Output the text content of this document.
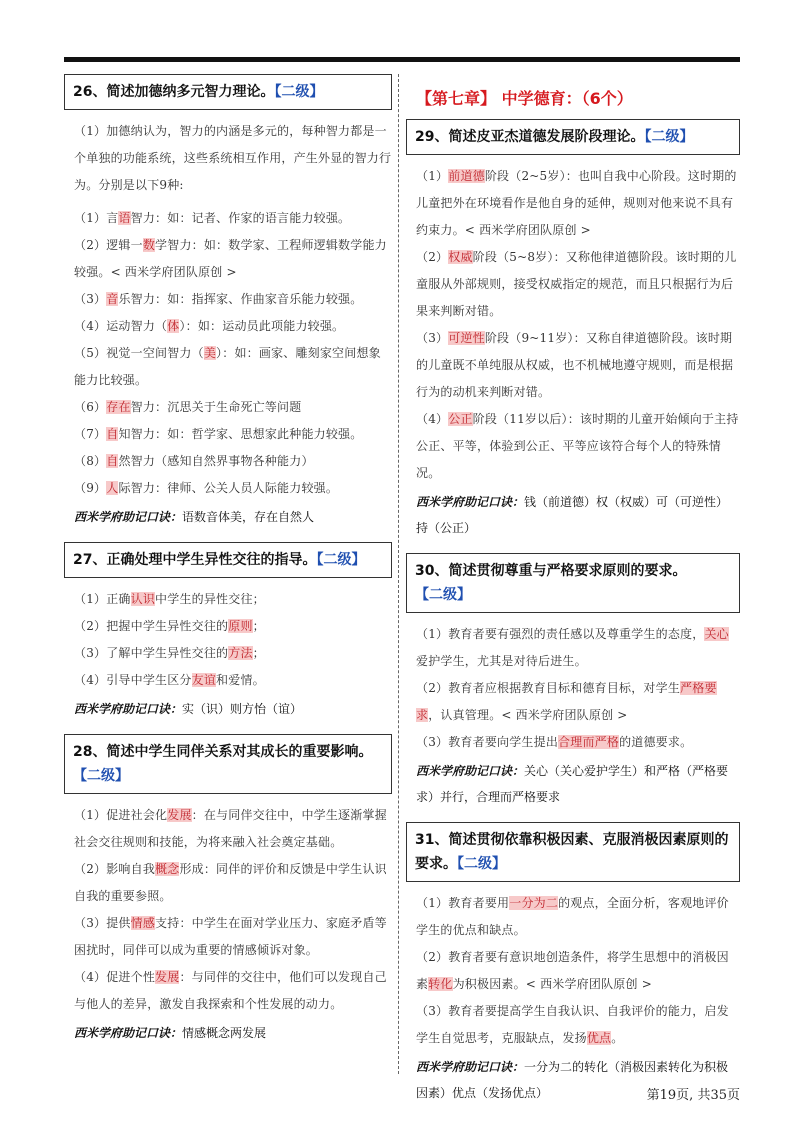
26、简述加德纳多元智力理论。【二级】

（1）加德纳认为，智力的内涵是多元的，每种智力都是一个单独的功能系统，这些系统相互作用，产生外显的智力行为。分别是以下9种:

（1）言语智力：如：记者、作家的语言能力较强。

（2）逻辑一数学智力：如：数学家、工程师逻辑数学能力较强。< 西米学府团队原创 >

（3）音乐智力：如：指挥家、作曲家音乐能力较强。

（4）运动智力（体）：如：运动员此项能力较强。

（5）视觉一空间智力（美）：如：画家、雕刻家空间想象能力比较强。

（6）存在智力：沉思关于生命死亡等问题

（7）自知智力：如：哲学家、思想家此种能力较强。

（8）自然智力（感知自然界事物各种能力）

（9）人际智力：律师、公关人员人际能力较强。

西米学府助记口诀：语数音体美，存在自然人
27、正确处理中学生异性交往的指导。【二级】

（1）正确认识中学生的异性交往；

（2）把握中学生异性交往的原则；

（3）了解中学生异性交往的方法；

（4）引导中学生区分友谊和爱情。

西米学府助记口诀：实（识）则方怡（谊）
28、简述中学生同伴关系对其成长的重要影响。【二级】

（1）促进社会化发展：在与同伴交往中，中学生逐渐掌握社会交往规则和技能，为将来融入社会奠定基础。

（2）影响自我概念形成：同伴的评价和反馈是中学生认识自我的重要参照。

（3）提供情感支持：中学生在面对学业压力、家庭矛盾等困扰时，同伴可以成为重要的情感倾诉对象。

（4）促进个性发展：与同伴的交往中，他们可以发现自己与他人的差异，激发自我探索和个性发展的动力。

西米学府助记口诀：情感概念两发展
【第七章】 中学德育：（6个）
29、简述皮亚杰道德发展阶段理论。【二级】

（1）前道德阶段（2~5岁）：也叫自我中心阶段。这时期的儿童把外在环境看作是他自身的延伸，规则对他来说不具有约束力。< 西米学府团队原创 >

（2）权威阶段（5~8岁）：又称他律道德阶段。该时期的儿童服从外部规则，接受权威指定的规范，而且只根据行为后果来判断对错。

（3）可逆性阶段（9~11岁）：又称自律道德阶段。该时期的儿童既不单纯服从权威，也不机械地遵守规则，而是根据行为的动机来判断对错。

（4）公正阶段（11岁以后）：该时期的儿童开始倾向于主持公正、平等，体验到公正、平等应该符合每个人的特殊情况。

西米学府助记口诀：钱（前道德）权（权威）可（可逆性）持（公正）
30、简述贯彻尊重与严格要求原则的要求。【二级】

（1）教育者要有强烈的责任感以及尊重学生的态度，关心爱护学生，尤其是对待后进生。

（2）教育者应根据教育目标和德育目标，对学生严格要求，认真管理。< 西米学府团队原创 >

（3）教育者要向学生提出合理而严格的道德要求。

西米学府助记口诀：关心（关心爱护学生）和严格（严格要求）并行，合理而严格要求
31、简述贯彻依靠积极因素、克服消极因素原则的要求。【二级】

（1）教育者要用一分为二的观点，全面分析，客观地评价学生的优点和缺点。

（2）教育者要有意识地创造条件，将学生思想中的消极因素转化为积极因素。< 西米学府团队原创 >

（3）教育者要提高学生自我认识、自我评价的能力，启发学生自觉思考，克服缺点，发扬优点。

西米学府助记口诀：一分为二的转化（消极因素转化为积极因素）优点（发扬优点）	第19页, 共35页
